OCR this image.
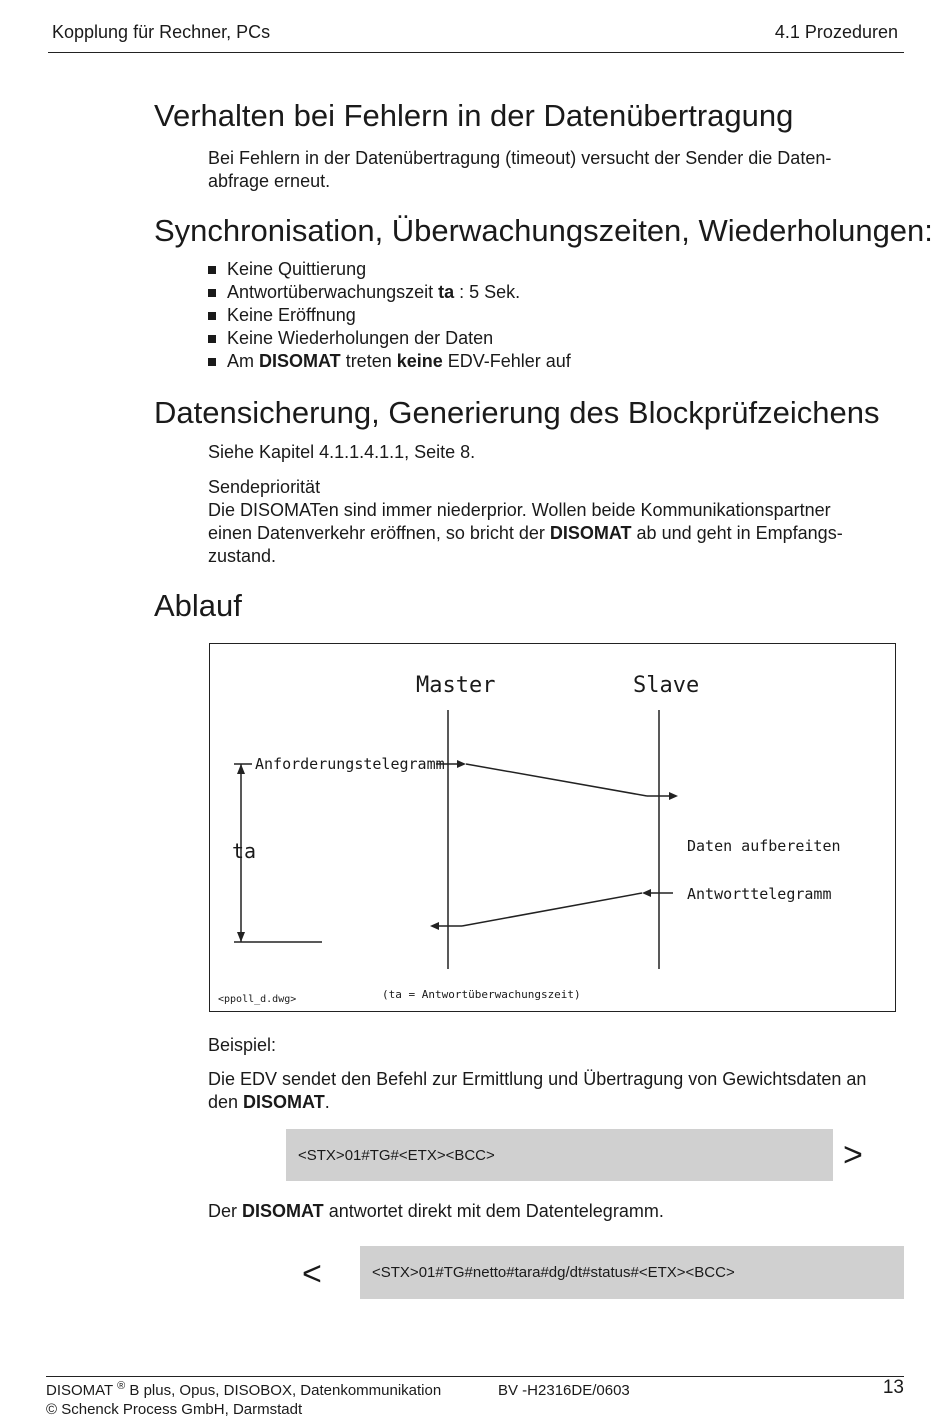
Kopplung für Rechner, PCs	4.1 Prozeduren
Verhalten bei Fehlern in der Datenübertragung
Bei Fehlern in der Datenübertragung (timeout) versucht der Sender die Daten-
abfrage erneut.
Synchronisation, Überwachungszeiten, Wiederholungen:
Keine Quittierung
Antwortüberwachungszeit ta : 5 Sek.
Keine Eröffnung
Keine Wiederholungen der Daten
Am DISOMAT treten keine EDV-Fehler auf
Datensicherung, Generierung des Blockprüfzeichens
Siehe Kapitel 4.1.1.4.1.1, Seite 8.
Sendepriorität
Die DISOMATen sind immer niederprior. Wollen beide Kommunikationspartner
einen Datenverkehr eröffnen, so bricht der DISOMAT ab und geht in Empfangs-
zustand.
Ablauf
Master	Slave
Anforderungstelegramm
ta	Daten aufbereiten
Antworttelegramm
<ppoll_d.dwg>	(ta = Antwortüberwachungszeit)
Beispiel:
Die EDV sendet den Befehl zur Ermittlung und Übertragung von Gewichtsdaten an
den DISOMAT.
<STX>01#TG#<ETX><BCC>	>
Der DISOMAT antwortet direkt mit dem Datentelegramm.
<	<STX>01#TG#netto#tara#dg/dt#status#<ETX><BCC>
DISOMAT ® B plus, Opus, DISOBOX, Datenkommunikation
© Schenck Process GmbH, Darmstadt
BV -H2316DE/0603	13
